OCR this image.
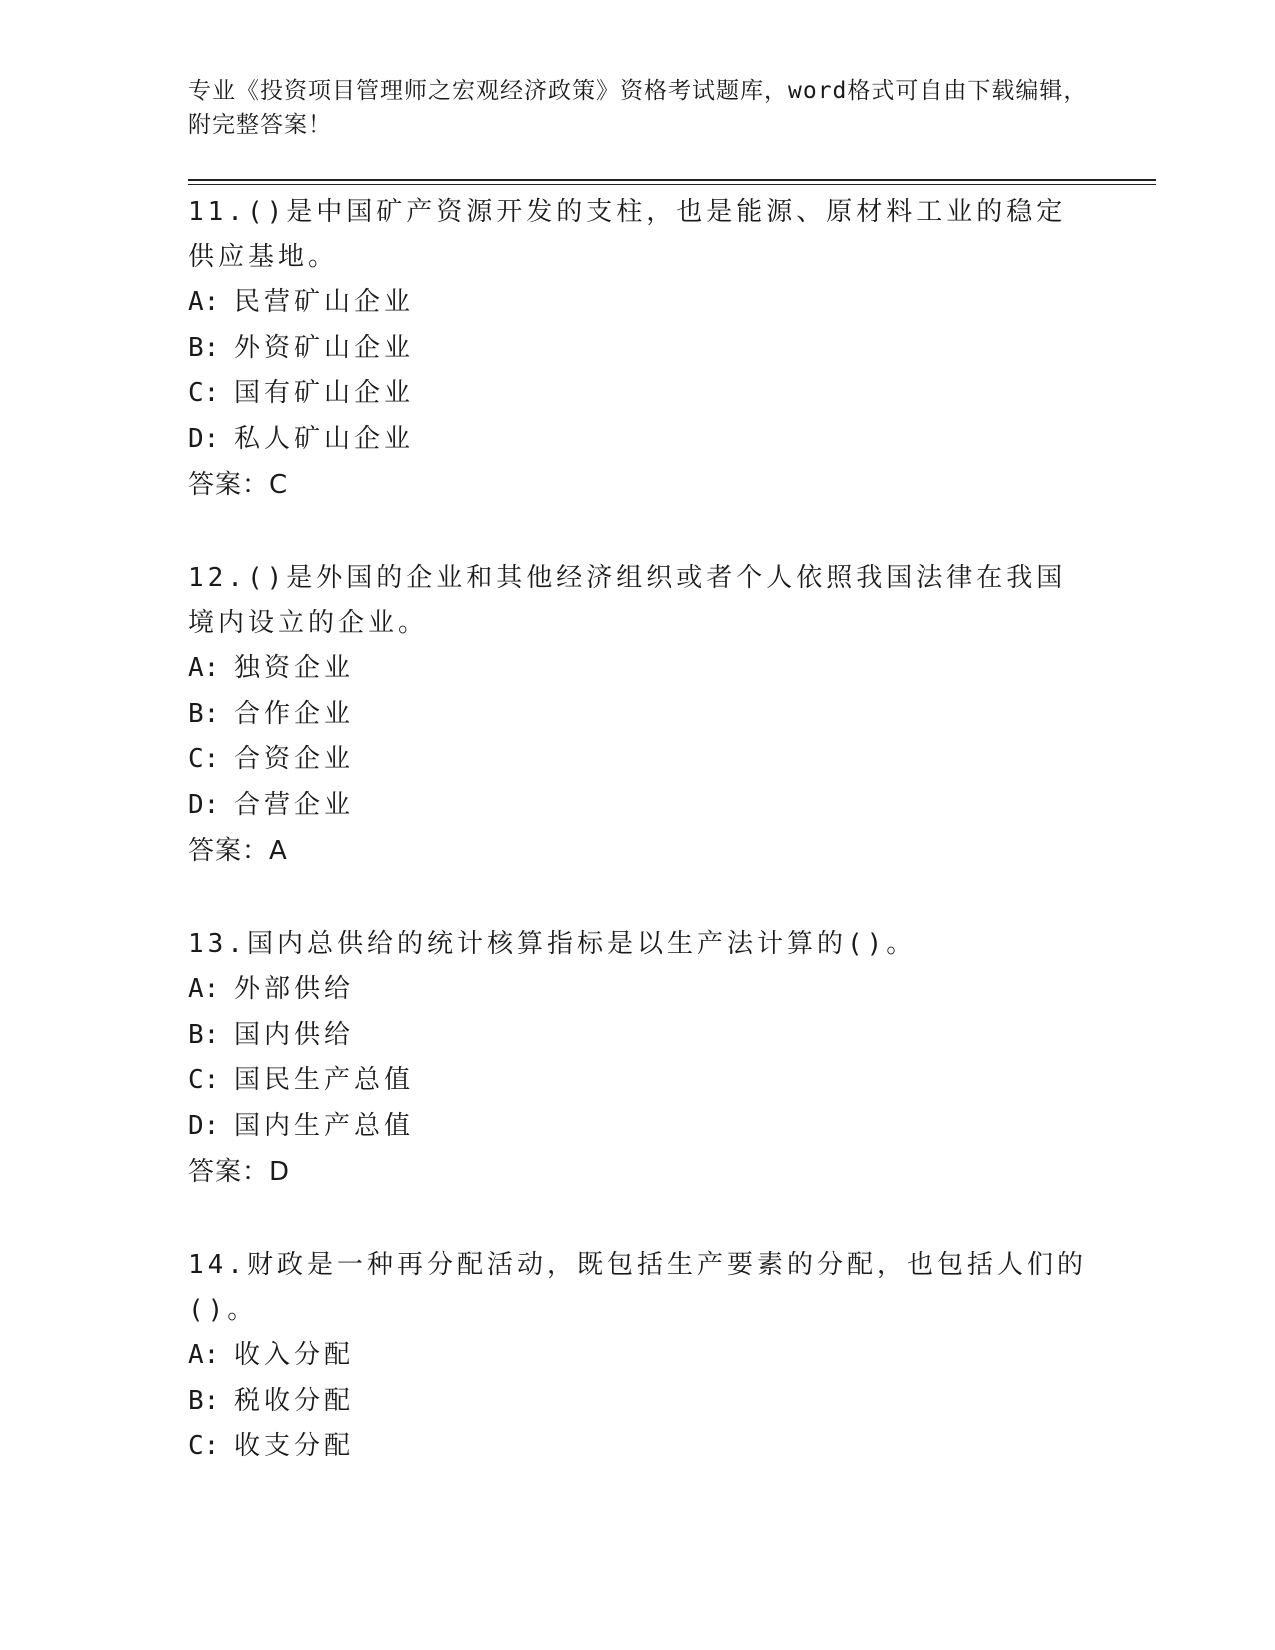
专业《投资项目管理师之宏观经济政策》资格考试题库，word格式可自由下载编辑，附完整答案！
11.()是中国矿产资源开发的支柱，也是能源、原材料工业的稳定供应基地。
A: 民营矿山企业
B: 外资矿山企业
C: 国有矿山企业
D: 私人矿山企业
答案：C
12.()是外国的企业和其他经济组织或者个人依照我国法律在我国境内设立的企业。
A: 独资企业
B: 合作企业
C: 合资企业
D: 合营企业
答案：A
13.国内总供给的统计核算指标是以生产法计算的()。
A: 外部供给
B: 国内供给
C: 国民生产总值
D: 国内生产总值
答案：D
14.财政是一种再分配活动，既包括生产要素的分配，也包括人们的()。
A: 收入分配
B: 税收分配
C: 收支分配
